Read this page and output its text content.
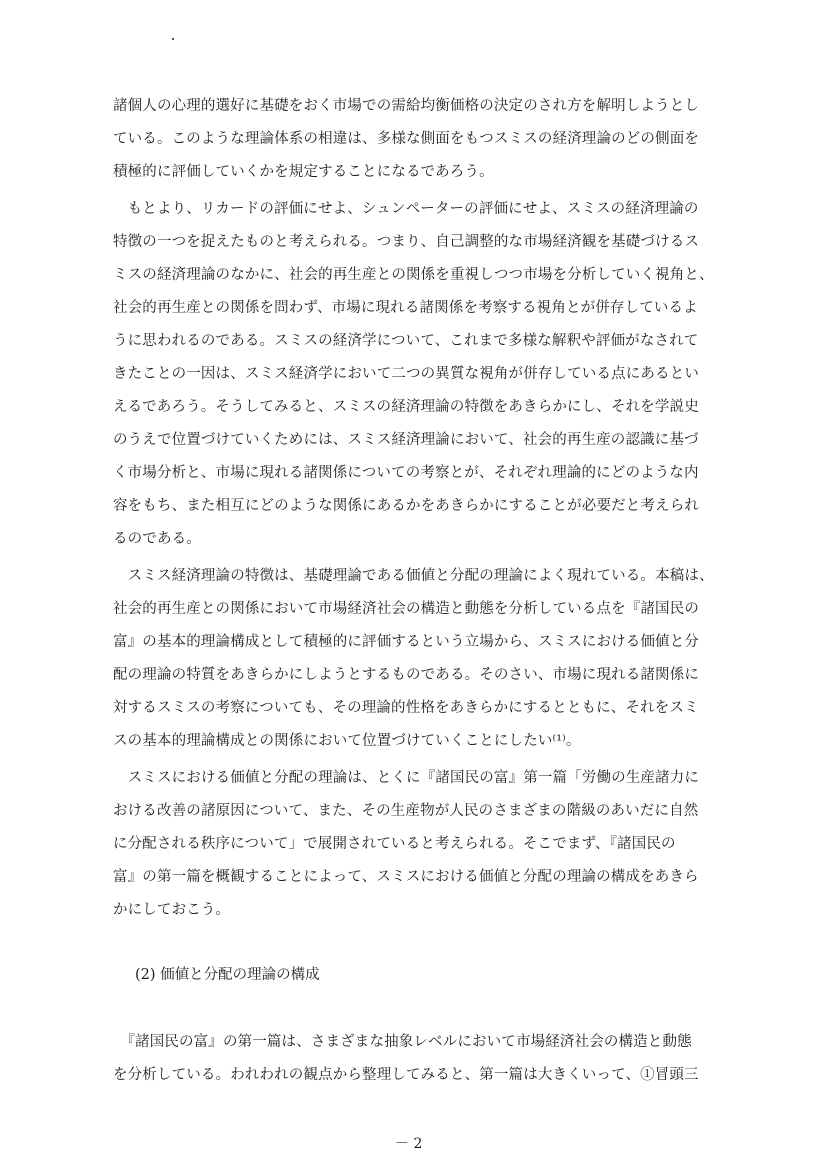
諸個人の心理的選好に基礎をおく市場での需給均衡価格の決定のされ方を解明しようとし
ている。このような理論体系の相違は、多様な側面をもつスミスの経済理論のどの側面を
積極的に評価していくかを規定することになるであろう。
　もとより、リカードの評価にせよ、シュンペーターの評価にせよ、スミスの経済理論の
特徴の一つを捉えたものと考えられる。つまり、自己調整的な市場経済観を基礎づけるス
ミスの経済理論のなかに、社会的再生産との関係を重視しつつ市場を分析していく視角と、
社会的再生産との関係を問わず、市場に現れる諸関係を考察する視角とが併存しているよ
うに思われるのである。スミスの経済学について、これまで多様な解釈や評価がなされて
きたことの一因は、スミス経済学において二つの異質な視角が併存している点にあるとい
えるであろう。そうしてみると、スミスの経済理論の特徴をあきらかにし、それを学説史
のうえで位置づけていくためには、スミス経済理論において、社会的再生産の認識に基づ
く市場分析と、市場に現れる諸関係についての考察とが、それぞれ理論的にどのような内
容をもち、また相互にどのような関係にあるかをあきらかにすることが必要だと考えられ
るのである。
　スミス経済理論の特徴は、基礎理論である価値と分配の理論によく現れている。本稿は、
社会的再生産との関係において市場経済社会の構造と動態を分析している点を『諸国民の
富』の基本的理論構成として積極的に評価するという立場から、スミスにおける価値と分
配の理論の特質をあきらかにしようとするものである。そのさい、市場に現れる諸関係に
対するスミスの考察についても、その理論的性格をあきらかにするとともに、それをスミ
スの基本的理論構成との関係において位置づけていくことにしたい⁽¹⁾。
　スミスにおける価値と分配の理論は、とくに『諸国民の富』第一篇「労働の生産諸力に
おける改善の諸原因について、また、その生産物が人民のさまざまの階級のあいだに自然
に分配される秩序について」で展開されていると考えられる。そこでまず、『諸国民の
富』の第一篇を概観することによって、スミスにおける価値と分配の理論の構成をあきら
かにしておこう。
(2) 価値と分配の理論の構成
　『諸国民の富』の第一篇は、さまざまな抽象レベルにおいて市場経済社会の構造と動態
を分析している。われわれの観点から整理してみると、第一篇は大きくいって、①冒頭三
－ 2
